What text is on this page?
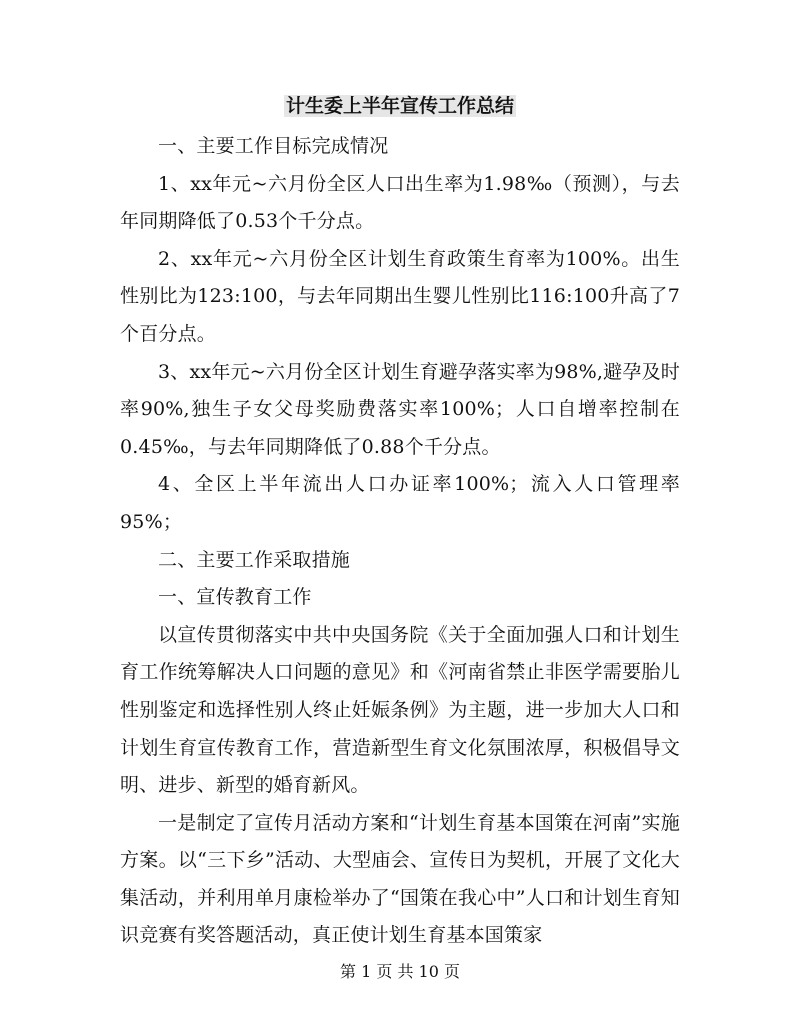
计生委上半年宣传工作总结

一、主要工作目标完成情况

1、xx年元~六月份全区人口出生率为1.98‰（预测），与去年同期降低了0.53个千分点。

2、xx年元~六月份全区计划生育政策生育率为100%。出生性别比为123:100，与去年同期出生婴儿性别比116:100升高了7个百分点。

3、xx年元~六月份全区计划生育避孕落实率为98%,避孕及时率90%,独生子女父母奖励费落实率100%；人口自增率控制在0.45‰，与去年同期降低了0.88个千分点。

4、全区上半年流出人口办证率100%；流入人口管理率95%；

二、主要工作采取措施

一、宣传教育工作

以宣传贯彻落实中共中央国务院《关于全面加强人口和计划生育工作统筹解决人口问题的意见》和《河南省禁止非医学需要胎儿性别鉴定和选择性别人终止妊娠条例》为主题，进一步加大人口和计划生育宣传教育工作，营造新型生育文化氛围浓厚，积极倡导文明、进步、新型的婚育新风。

一是制定了宣传月活动方案和“计划生育基本国策在河南”实施方案。以“三下乡”活动、大型庙会、宣传日为契机，开展了文化大集活动，并利用单月康检举办了“国策在我心中”人口和计划生育知识竞赛有奖答题活动，真正使计划生育基本国策家

第 1 页 共 10 页
